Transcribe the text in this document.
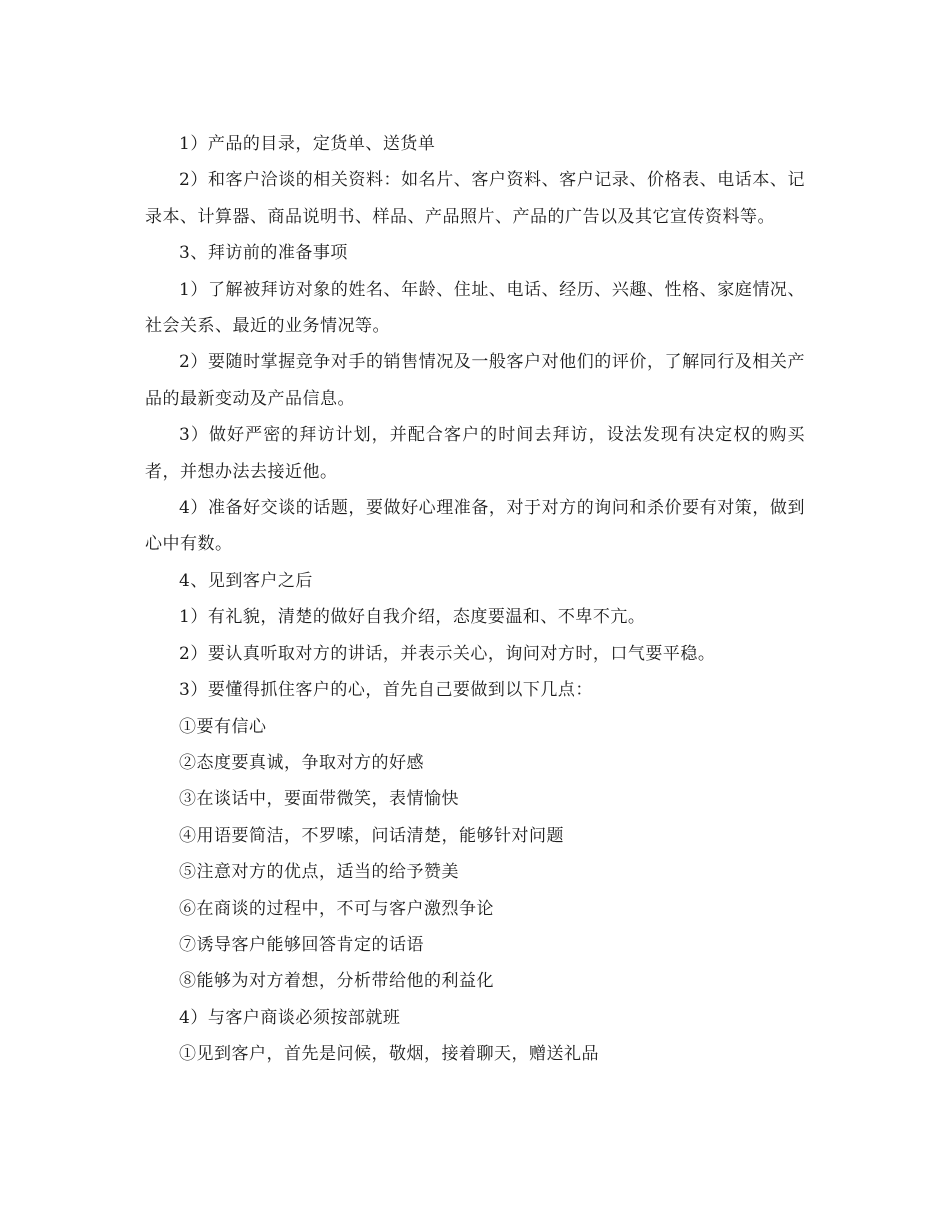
1）产品的目录，定货单、送货单

2）和客户洽谈的相关资料：如名片、客户资料、客户记录、价格表、电话本、记录本、计算器、商品说明书、样品、产品照片、产品的广告以及其它宣传资料等。

3、拜访前的准备事项

1）了解被拜访对象的姓名、年龄、住址、电话、经历、兴趣、性格、家庭情况、社会关系、最近的业务情况等。

2）要随时掌握竞争对手的销售情况及一般客户对他们的评价，了解同行及相关产品的最新变动及产品信息。

3）做好严密的拜访计划，并配合客户的时间去拜访，设法发现有决定权的购买者，并想办法去接近他。

4）准备好交谈的话题，要做好心理准备，对于对方的询问和杀价要有对策，做到心中有数。

4、见到客户之后

1）有礼貌，清楚的做好自我介绍，态度要温和、不卑不亢。

2）要认真听取对方的讲话，并表示关心，询问对方时，口气要平稳。

3）要懂得抓住客户的心，首先自己要做到以下几点：

①要有信心

②态度要真诚，争取对方的好感

③在谈话中，要面带微笑，表情愉快

④用语要简洁，不罗嗦，问话清楚，能够针对问题

⑤注意对方的优点，适当的给予赞美

⑥在商谈的过程中，不可与客户激烈争论

⑦诱导客户能够回答肯定的话语

⑧能够为对方着想，分析带给他的利益化

4）与客户商谈必须按部就班

①见到客户，首先是问候，敬烟，接着聊天，赠送礼品
